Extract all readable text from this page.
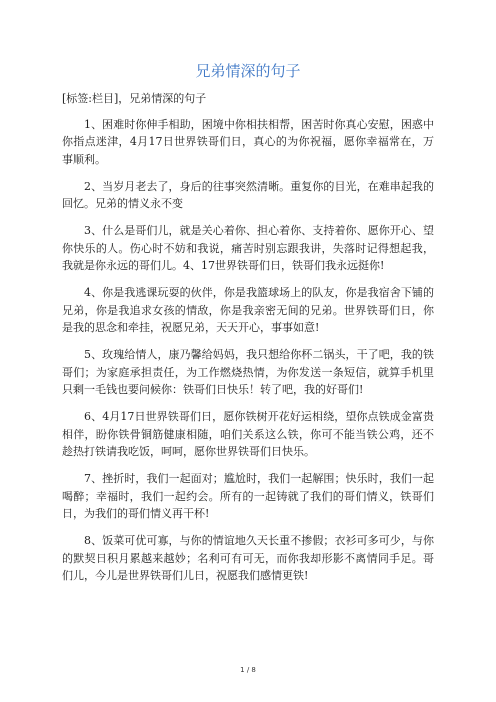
兄弟情深的句子

[标签:栏目]，兄弟情深的句子

1、困难时你伸手相助，困境中你相扶相帮，困苦时你真心安慰，困惑中你指点迷津，4月17日世界铁哥们日，真心的为你祝福，愿你幸福常在，万事顺利。

2、当岁月老去了，身后的往事突然清晰。重复你的目光，在难串起我的回忆。兄弟的情义永不变

3、什么是哥们儿，就是关心着你、担心着你、支持着你、愿你开心、望你快乐的人。伤心时不妨和我说，痛苦时别忘跟我讲，失落时记得想起我，我就是你永远的哥们儿。4、17世界铁哥们日，铁哥们我永远挺你!

4、你是我逃课玩耍的伙伴，你是我篮球场上的队友，你是我宿舍下铺的兄弟，你是我追求女孩的情敌，你是我亲密无间的兄弟。世界铁哥们日，你是我的思念和牵挂，祝愿兄弟，天天开心，事事如意!

5、玫瑰给情人，康乃馨给妈妈，我只想给你杯二锅头，干了吧，我的铁哥们；为家庭承担责任，为工作燃烧热情，为你发送一条短信，就算手机里只剩一毛钱也要问候你：铁哥们日快乐！转了吧，我的好哥们!

6、4月17日世界铁哥们日，愿你铁树开花好运相绕，望你点铁成金富贵相伴，盼你铁骨铜筋健康相随，咱们关系这么铁，你可不能当铁公鸡，还不趁热打铁请我吃饭，呵呵，愿你世界铁哥们日快乐。

7、挫折时，我们一起面对；尴尬时，我们一起解围；快乐时，我们一起喝醉；幸福时，我们一起约会。所有的一起铸就了我们的哥们情义，铁哥们日，为我们的哥们情义再干杯!

8、饭菜可优可寡，与你的情谊地久天长重不掺假；衣衫可多可少，与你的默契日积月累越来越妙；名利可有可无，而你我却形影不离情同手足。哥们儿，今儿是世界铁哥们儿日，祝愿我们感情更铁!

1 / 8
